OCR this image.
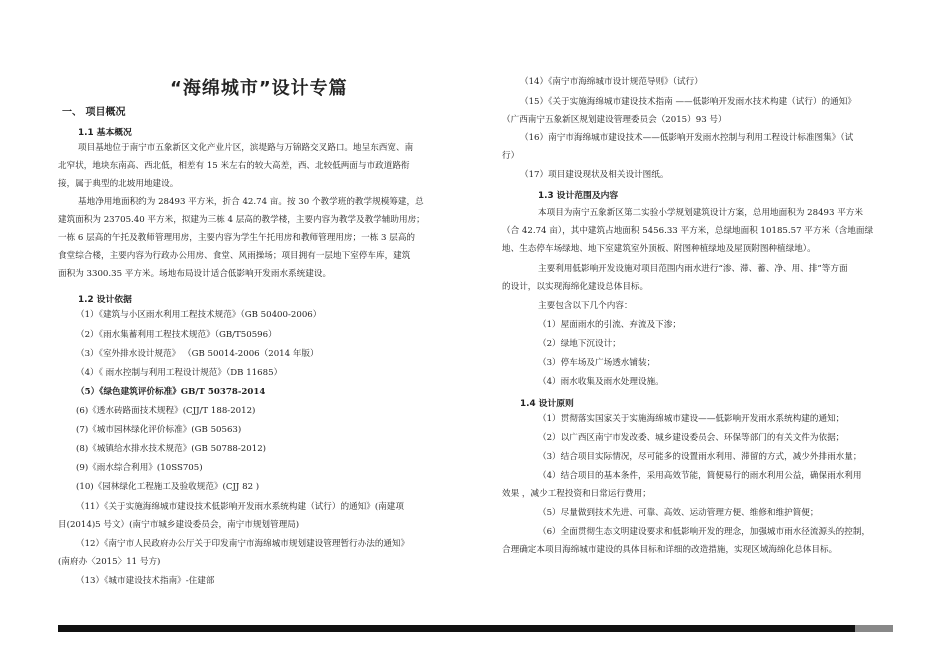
“海绵城市”设计专篇
一、 项目概况
1.1 基本概况
项目基地位于南宁市五象新区文化产业片区，滨堤路与万锦路交叉路口。地呈东西宽、南
北窄状，地块东南高、西北低，相差有 15 米左右的较大高差，西、北较低两面与市政道路衔
接，属于典型的北坡用地建设。
基地净用地面积约为 28493 平方米，折合 42.74 亩。按 30 个教学班的教学规模筹建，总
建筑面积为 23705.40 平方米，拟建为三栋 4 层高的教学楼，主要内容为教学及教学辅助用房；
一栋 6 层高的午托及教师管理用房，主要内容为学生午托用房和教师管理用房；一栋 3 层高的
食堂综合楼，主要内容为行政办公用房、食堂、风雨操场；项目拥有一层地下室停车库，建筑
面积为 3300.35 平方米。场地布局设计适合低影响开发雨水系统建设。
1.2 设计依据
（1）《建筑与小区雨水利用工程技术规范》（GB 50400-2006）
（2）《雨水集蓄利用工程技术规范》（GB/T50596）
（3）《室外排水设计规范》 （GB 50014-2006（2014 年版）
（4）《 雨水控制与利用工程设计规范》（DB 11685）
（5）《绿色建筑评价标准》GB/T 50378-2014
(6)《透水砖路面技术规程》(CJJ/T 188-2012)
(7)《城市园林绿化评价标准》(GB 50563)
(8)《城镇给水排水技术规范》(GB 50788-2012)
(9)《雨水综合利用》(10SS705)
(10)《园林绿化工程施工及验收规范》(CJJ 82 )
（11）《关于实施海绵城市建设技术低影响开发雨水系统构建（试行）的通知》(南建项
目(2014)5 号文）(南宁市城乡建设委员会，南宁市规划管理局)
（12）《南宁市人民政府办公厅关于印发南宁市海绵城市规划建设管理暂行办法的通知》
(南府办〈2015〉11 号方)
（13）《城市建设技术指南》-住建部
（14）《南宁市海绵城市设计规范导则》（试行）
（15）《关于实施海绵城市建设技术指南 ——低影响开发雨水技术构建（试行）的通知》
（广西南宁五象新区规划建设管理委员会（2015）93 号）
（16）南宁市海绵城市建设技术——低影响开发雨水控制与利用工程设计标准图集》（试
行）
（17）项目建设现状及相关设计图纸。
1.3 设计范围及内容
本项目为南宁五象新区第二实验小学规划建筑设计方案，总用地面积为 28493 平方米
（合 42.74 亩），其中建筑占地面积 5456.33 平方米，总绿地面积 10185.57 平方米（含地面绿
地、生态停车场绿地、地下室建筑室外顶板、附图种植绿地及屋顶附图种植绿地）。
主要利用低影响开发设施对项目范围内雨水进行“渗、滞、蓄、净、用、排”等方面
的设计，以实现海绵化建设总体目标。
主要包含以下几个内容：
（1）屋面雨水的引流、弃流及下渗；
（2）绿地下沉设计；
（3）停车场及广场透水铺装；
（4）雨水收集及雨水处理设施。
1.4 设计原则
（1）贯彻落实国家关于实施海绵城市建设——低影响开发雨水系统构建的通知；
（2）以广西区南宁市发改委、城乡建设委员会、环保等部门的有关文件为依据；
（3）结合项目实际情况，尽可能多的设置雨水利用、滞留的方式，减少外排雨水量；
（4）结合项目的基本条件，采用高效节能，简便易行的雨水利用公益，确保雨水利用
效果 ，减少工程投资和日常运行费用；
（5）尽量做到技术先进、可靠、高效、运动管理方便、维修和维护简便；
（6）全面贯彻生态文明建设要求和低影响开发的理念，加强城市雨水径流源头的控制，
合理确定本项目海绵城市建设的具体目标和详细的改造措施，实现区域海绵化总体目标。
